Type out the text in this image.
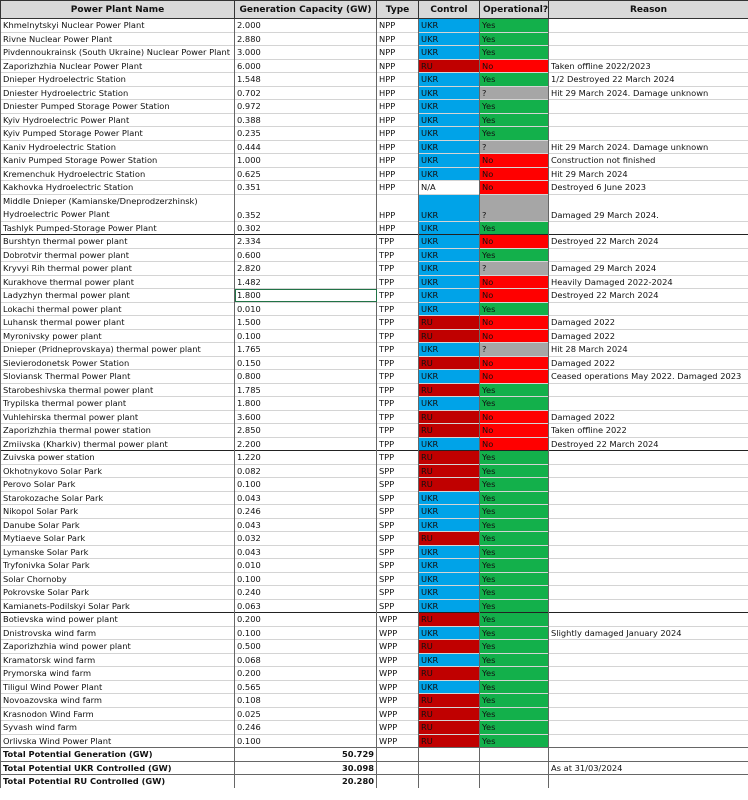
Power Plant Name	Generation Capacity (GW)	Type	Control	Operational?	Reason
Khmelnytskyi Nuclear Power Plant	2.000	NPP	UKR	Yes	
Rivne Nuclear Power Plant	2.880	NPP	UKR	Yes	
Pivdennoukrainsk (South Ukraine) Nuclear Power Plant	3.000	NPP	UKR	Yes	
Zaporizhzhia Nuclear Power Plant	6.000	NPP	RU	No	Taken offline 2022/2023
Dnieper Hydroelectric Station	1.548	HPP	UKR	Yes	1/2 Destroyed 22 March 2024
Dniester Hydroelectric Station	0.702	HPP	UKR	?	Hit 29 March 2024. Damage unknown
Dniester Pumped Storage Power Station	0.972	HPP	UKR	Yes	
Kyiv Hydroelectric Power Plant	0.388	HPP	UKR	Yes	
Kyiv Pumped Storage Power Plant	0.235	HPP	UKR	Yes	
Kaniv Hydroelectric Station	0.444	HPP	UKR	?	Hit 29 March 2024. Damage unknown
Kaniv Pumped Storage Power Station	1.000	HPP	UKR	No	Construction not finished
Kremenchuk Hydroelectric Station	0.625	HPP	UKR	No	Hit 29 March 2024
Kakhovka Hydroelectric Station	0.351	HPP	N/A	No	Destroyed 6 June 2023
Middle Dnieper (Kamianske/Dneprodzerzhinsk) Hydroelectric Power Plant	0.352	HPP	UKR	?	Damaged 29 March 2024.
Tashlyk Pumped-Storage Power Plant	0.302	HPP	UKR	Yes	
Burshtyn thermal power plant	2.334	TPP	UKR	No	Destroyed 22 March 2024
Dobrotvir thermal power plant	0.600	TPP	UKR	Yes	
Kryvyi Rih thermal power plant	2.820	TPP	UKR	?	Damaged 29 March 2024
Kurakhove thermal power plant	1.482	TPP	UKR	No	Heavily Damaged 2022-2024
Ladyzhyn thermal power plant	1.800	TPP	UKR	No	Destroyed 22 March 2024
Lokachi thermal power plant	0.010	TPP	UKR	Yes	
Luhansk thermal power plant	1.500	TPP	RU	No	Damaged 2022
Myronivsky power plant	0.100	TPP	RU	No	Damaged 2022
Dnieper (Pridneprovskaya) thermal power plant	1.765	TPP	UKR	?	Hit 28 March 2024
Sievierodonetsk Power Station	0.150	TPP	RU	No	Damaged 2022
Sloviansk Thermal Power Plant	0.800	TPP	UKR	No	Ceased operations May 2022. Damaged 2023
Starobeshivska thermal power plant	1.785	TPP	RU	Yes	
Trypilska thermal power plant	1.800	TPP	UKR	Yes	
Vuhlehirska thermal power plant	3.600	TPP	RU	No	Damaged 2022
Zaporizhzhia thermal power station	2.850	TPP	RU	No	Taken offline 2022
Zmiivska (Kharkiv) thermal power plant	2.200	TPP	UKR	No	Destroyed 22 March 2024
Zuivska power station	1.220	TPP	RU	Yes	
Okhotnykovo Solar Park	0.082	SPP	RU	Yes	
Perovo Solar Park	0.100	SPP	RU	Yes	
Starokozache Solar Park	0.043	SPP	UKR	Yes	
Nikopol Solar Park	0.246	SPP	UKR	Yes	
Danube Solar Park	0.043	SPP	UKR	Yes	
Mytiaeve Solar Park	0.032	SPP	RU	Yes	
Lymanske Solar Park	0.043	SPP	UKR	Yes	
Tryfonivka Solar Park	0.010	SPP	UKR	Yes	
Solar Chornoby	0.100	SPP	UKR	Yes	
Pokrovske Solar Park	0.240	SPP	UKR	Yes	
Kamianets-Podilskyi Solar Park	0.063	SPP	UKR	Yes	
Botievska wind power plant	0.200	WPP	RU	Yes	
Dnistrovska wind farm	0.100	WPP	UKR	Yes	Slightly damaged January 2024
Zaporizhzhia wind power plant	0.500	WPP	RU	Yes	
Kramatorsk wind farm	0.068	WPP	UKR	Yes	
Prymorska wind farm	0.200	WPP	RU	Yes	
Tiligul Wind Power Plant	0.565	WPP	UKR	Yes	
Novoazovska wind farm	0.108	WPP	RU	Yes	
Krasnodon Wind Farm	0.025	WPP	RU	Yes	
Syvash wind farm	0.246	WPP	RU	Yes	
Orlivska Wind Power Plant	0.100	WPP	RU	Yes	
Total Potential Generation (GW)	50.729				
Total Potential UKR Controlled (GW)	30.098				As at 31/03/2024
Total Potential RU Controlled (GW)	20.280				
